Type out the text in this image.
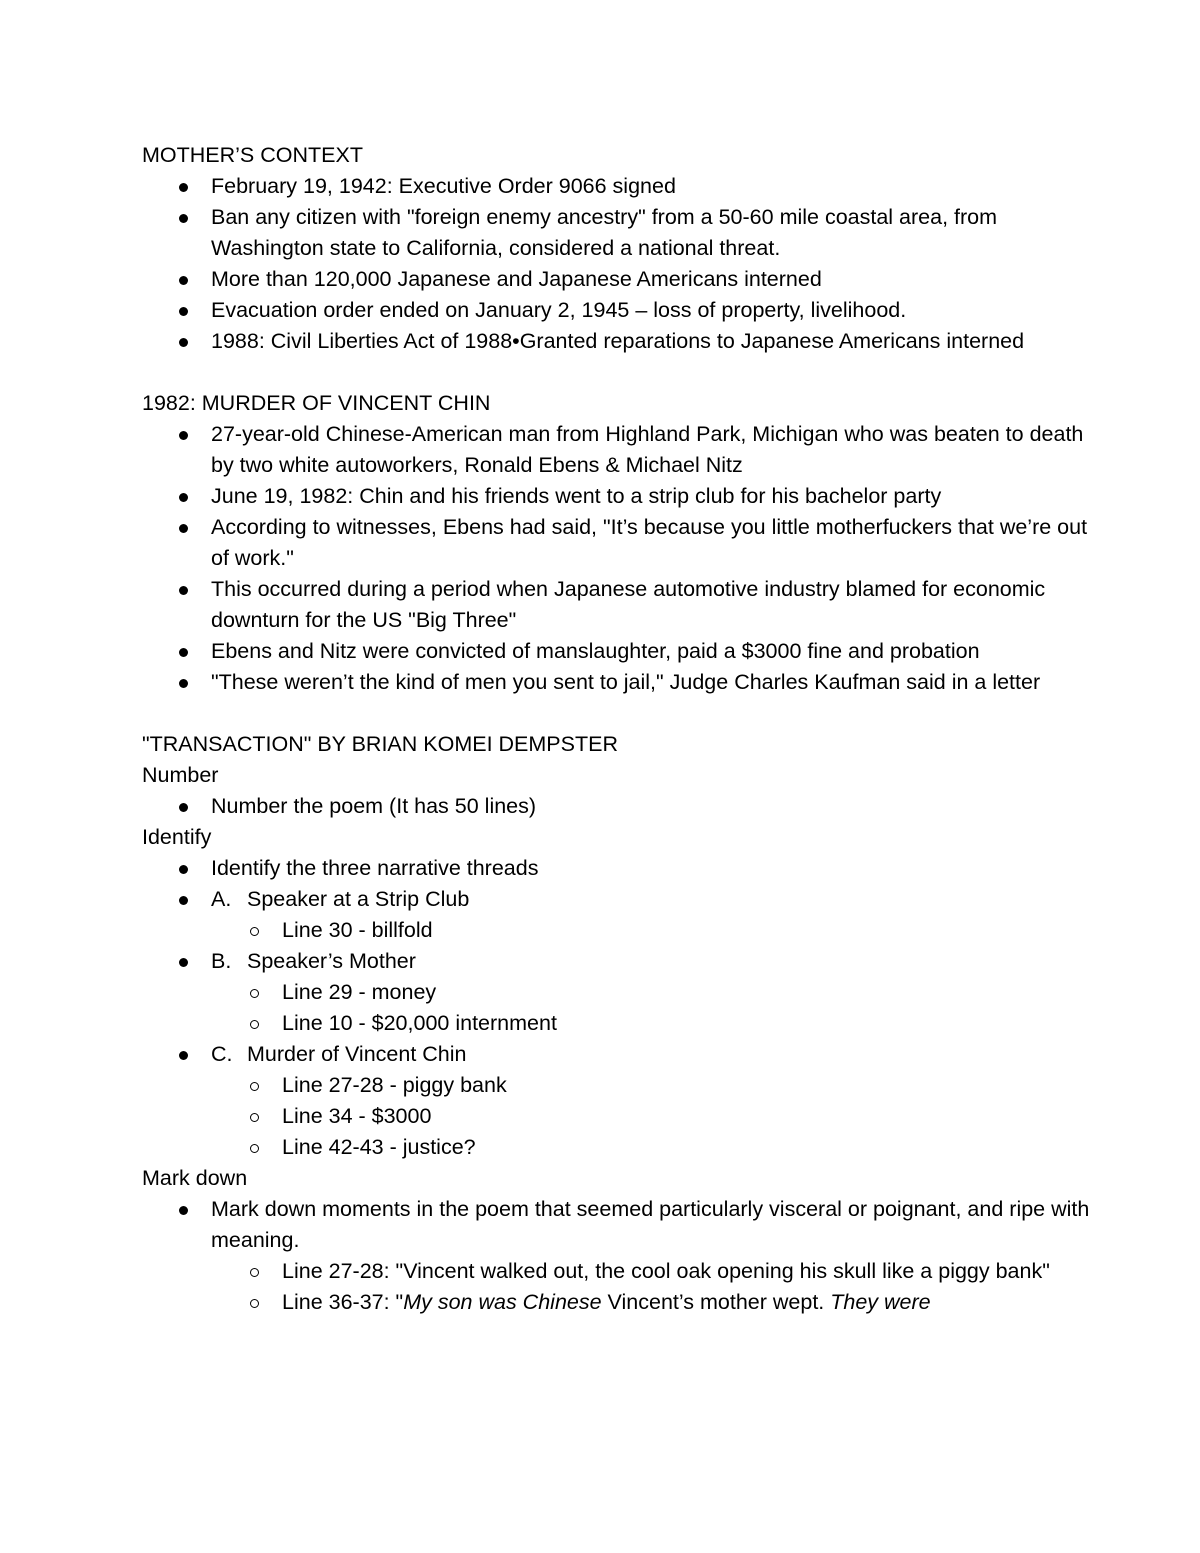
MOTHER’S CONTEXT

February 19, 1942: Executive Order 9066 signed
Ban any citizen with "foreign enemy ancestry" from a 50-60 mile coastal area, from Washington state to California, considered a national threat.
More than 120,000 Japanese and Japanese Americans interned
Evacuation order ended on January 2, 1945 – loss of property, livelihood.
1988: Civil Liberties Act of 1988•Granted reparations to Japanese Americans interned

1982: MURDER OF VINCENT CHIN

27-year-old Chinese-American man from Highland Park, Michigan who was beaten to death by two white autoworkers, Ronald Ebens & Michael Nitz
June 19, 1982: Chin and his friends went to a strip club for his bachelor party
According to witnesses, Ebens had said, "It’s because you little motherfuckers that we’re out of work."
This occurred during a period when Japanese automotive industry blamed for economic downturn for the US "Big Three"
Ebens and Nitz were convicted of manslaughter, paid a $3000 fine and probation
"These weren’t the kind of men you sent to jail," Judge Charles Kaufman said in a letter

"TRANSACTION" BY BRIAN KOMEI DEMPSTER

Number

Number the poem (It has 50 lines)

Identify

Identify the three narrative threads
A. Speaker at a Strip Club
Line 30 - billfold
B. Speaker’s Mother
Line 29 - money
Line 10 - $20,000 internment
C. Murder of Vincent Chin
Line 27-28 - piggy bank
Line 34 - $3000
Line 42-43 - justice?

Mark down

Mark down moments in the poem that seemed particularly visceral or poignant, and ripe with meaning.
Line 27-28: "Vincent walked out, the cool oak opening his skull like a piggy bank"
Line 36-37: "My son was Chinese Vincent’s mother wept. They were
